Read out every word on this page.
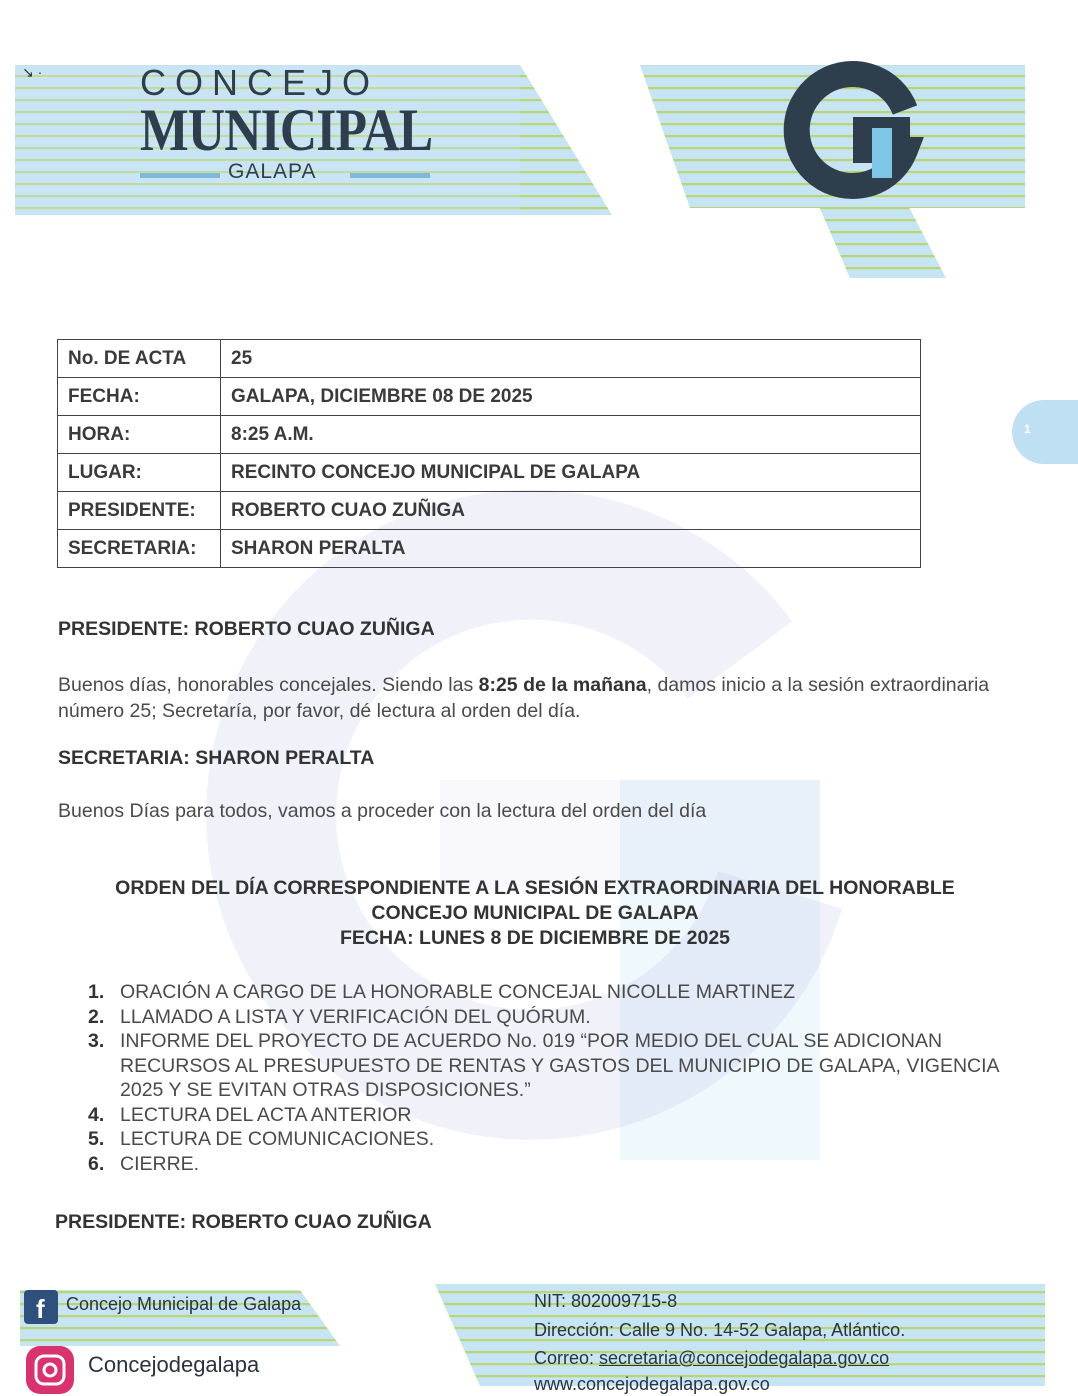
↘ ·	CONCEJO
MUNICIPAL
GALAPA
1
No. DE ACTA	25
FECHA:	GALAPA, DICIEMBRE 08 DE 2025
HORA:	8:25 A.M.
LUGAR:	RECINTO CONCEJO MUNICIPAL DE GALAPA
PRESIDENTE:	ROBERTO CUAO ZUÑIGA
SECRETARIA:	SHARON PERALTA
PRESIDENTE: ROBERTO CUAO ZUÑIGA
Buenos días, honorables concejales. Siendo las 8:25 de la mañana, damos inicio a la sesión extraordinaria número 25; Secretaría, por favor, dé lectura al orden del día.
SECRETARIA: SHARON PERALTA
Buenos Días para todos, vamos a proceder con la lectura del orden del día
ORDEN DEL DÍA CORRESPONDIENTE A LA SESIÓN EXTRAORDINARIA DEL HONORABLE
CONCEJO MUNICIPAL DE GALAPA
FECHA: LUNES 8 DE DICIEMBRE DE 2025
1. ORACIÓN A CARGO DE LA HONORABLE CONCEJAL NICOLLE MARTINEZ
2. LLAMADO A LISTA Y VERIFICACIÓN DEL QUÓRUM.
3. INFORME DEL PROYECTO DE ACUERDO No. 019 “POR MEDIO DEL CUAL SE ADICIONAN RECURSOS AL PRESUPUESTO DE RENTAS Y GASTOS DEL MUNICIPIO DE GALAPA, VIGENCIA 2025 Y SE EVITAN OTRAS DISPOSICIONES.”
4. LECTURA DEL ACTA ANTERIOR
5. LECTURA DE COMUNICACIONES.
6. CIERRE.
PRESIDENTE: ROBERTO CUAO ZUÑIGA
f Concejo Municipal de Galapa
Concejodegalapa
NIT: 802009715-8
Dirección: Calle 9 No. 14-52 Galapa, Atlántico.
Correo: secretaria@concejodegalapa.gov.co
www.concejodegalapa.gov.co
